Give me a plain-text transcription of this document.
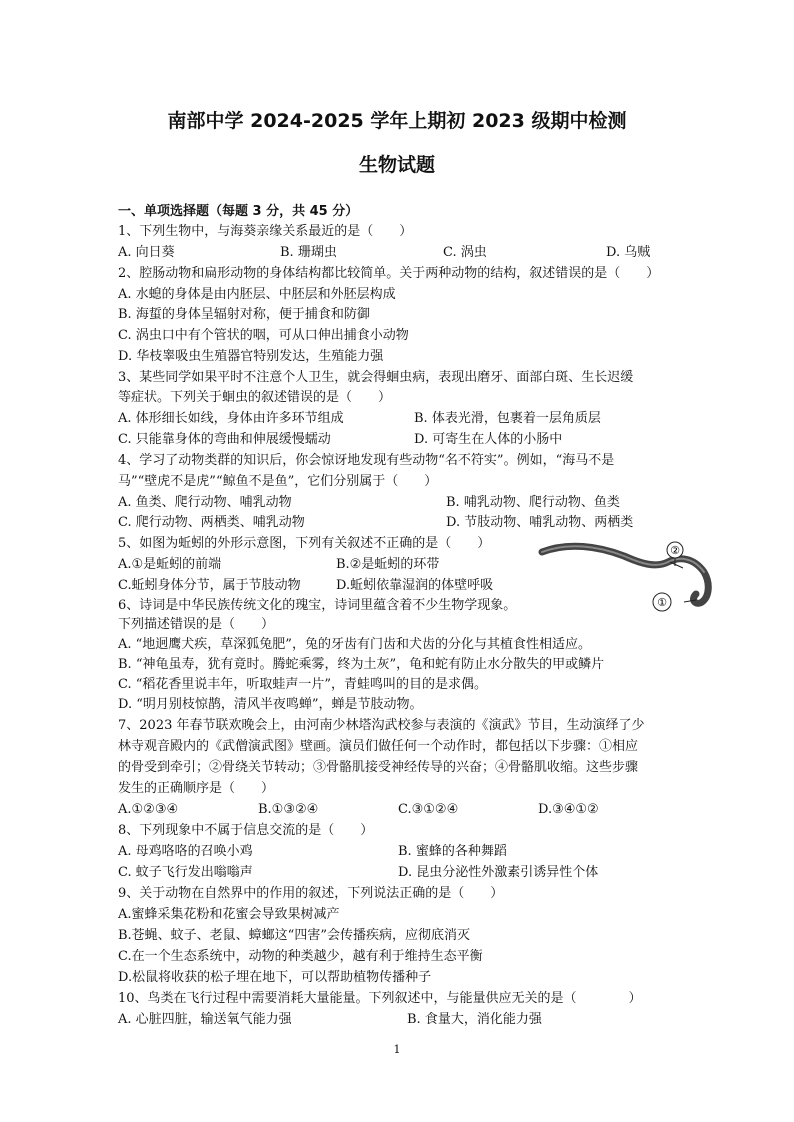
南部中学 2024-2025 学年上期初 2023 级期中检测
生物试题
一、单项选择题（每题 3 分，共 45 分）
1、下列生物中，与海葵亲缘关系最近的是（　　）
A. 向日葵	B. 珊瑚虫	C. 涡虫	D. 乌贼
2、腔肠动物和扁形动物的身体结构都比较简单。关于两种动物的结构，叙述错误的是（　　）
A. 水螅的身体是由内胚层、中胚层和外胚层构成
B. 海蜇的身体呈辐射对称，便于捕食和防御
C. 涡虫口中有个管状的咽，可从口伸出捕食小动物
D. 华枝睾吸虫生殖器官特别发达，生殖能力强
3、某些同学如果平时不注意个人卫生，就会得蛔虫病，表现出磨牙、面部白斑、生长迟缓
等症状。下列关于蛔虫的叙述错误的是（　　）
A. 体形细长如线，身体由许多环节组成	B. 体表光滑，包裹着一层角质层
C. 只能靠身体的弯曲和伸展缓慢蠕动	D. 可寄生在人体的小肠中
4、学习了动物类群的知识后，你会惊讶地发现有些动物“名不符实”。例如，“海马不是
马”“壁虎不是虎”“鲸鱼不是鱼”，它们分别属于（　　）
A. 鱼类、爬行动物、哺乳动物	B. 哺乳动物、爬行动物、鱼类
C. 爬行动物、两栖类、哺乳动物	D. 节肢动物、哺乳动物、两栖类
5、如图为蚯蚓的外形示意图，下列有关叙述不正确的是（　　）
A.①是蚯蚓的前端	B.②是蚯蚓的环带
C.蚯蚓身体分节，属于节肢动物	D.蚯蚓依靠湿润的体壁呼吸
②
①
6、诗词是中华民族传统文化的瑰宝，诗词里蕴含着不少生物学现象。
下列描述错误的是（　　）
A. “地迥鹰犬疾，草深狐兔肥”，兔的牙齿有门齿和犬齿的分化与其植食性相适应。
B. “神龟虽寿，犹有竟时。腾蛇乘雾，终为土灰”，龟和蛇有防止水分散失的甲或鳞片
C. “稻花香里说丰年，听取蛙声一片”，青蛙鸣叫的目的是求偶。
D. “明月别枝惊鹊，清风半夜鸣蝉”，蝉是节肢动物。
7、2023 年春节联欢晚会上，由河南少林塔沟武校参与表演的《演武》节目，生动演绎了少
林寺观音殿内的《武僧演武图》壁画。演员们做任何一个动作时，都包括以下步骤：①相应
的骨受到牵引；②骨绕关节转动；③骨骼肌接受神经传导的兴奋；④骨骼肌收缩。这些步骤
发生的正确顺序是（　　）
A.①②③④	B.①③②④	C.③①②④	D.③④①②
8、下列现象中不属于信息交流的是（　　）
A. 母鸡咯咯的召唤小鸡	B. 蜜蜂的各种舞蹈
C. 蚊子飞行发出嗡嗡声	D. 昆虫分泌性外激素引诱异性个体
9、关于动物在自然界中的作用的叙述，下列说法正确的是（　　）
A.蜜蜂采集花粉和花蜜会导致果树减产
B.苍蝇、蚊子、老鼠、蟑螂这“四害”会传播疾病，应彻底消灭
C.在一个生态系统中，动物的种类越少，越有利于维持生态平衡
D.松鼠将收获的松子埋在地下，可以帮助植物传播种子
10、鸟类在飞行过程中需要消耗大量能量。下列叙述中，与能量供应无关的是（　　　　）
A. 心脏四脏，输送氧气能力强	B. 食量大，消化能力强
1
